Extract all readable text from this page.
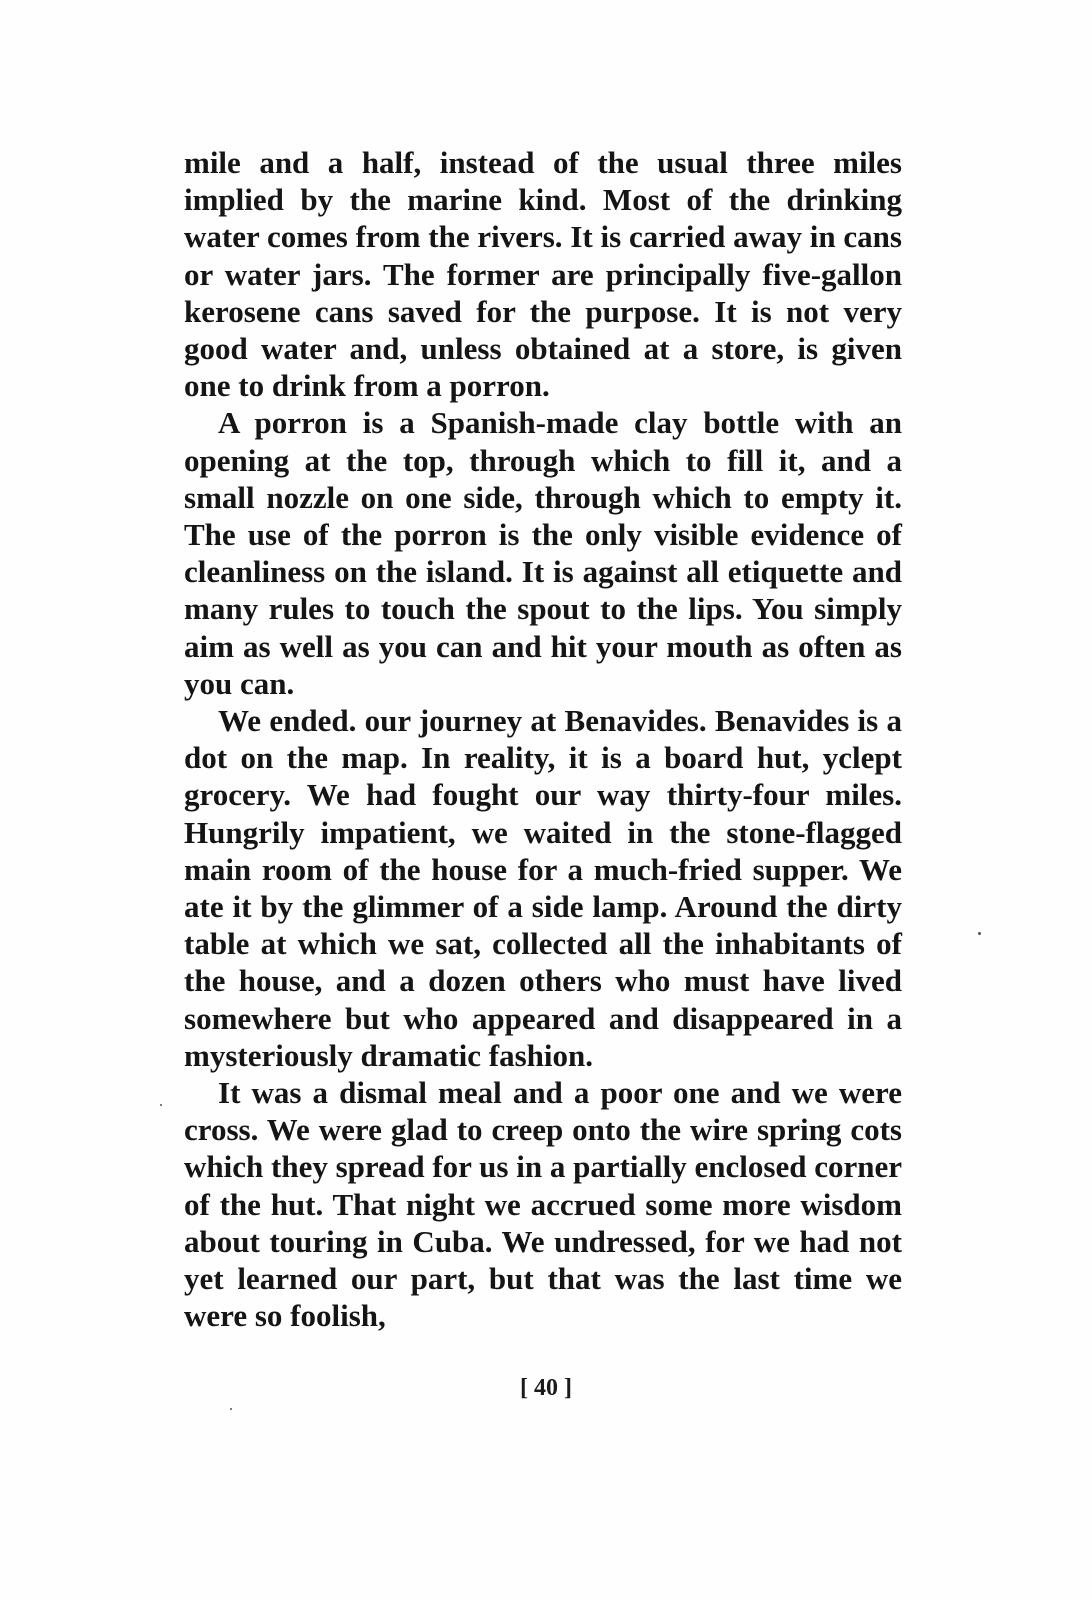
mile and a half, instead of the usual three miles implied by the marine kind. Most of the drinking water comes from the rivers. It is carried away in cans or water jars. The former are principally five-gallon kerosene cans saved for the purpose. It is not very good water and, unless obtained at a store, is given one to drink from a porron.

A porron is a Spanish-made clay bottle with an opening at the top, through which to fill it, and a small nozzle on one side, through which to empty it. The use of the porron is the only visible evidence of cleanliness on the island. It is against all etiquette and many rules to touch the spout to the lips. You simply aim as well as you can and hit your mouth as often as you can.

We ended. our journey at Benavides. Benavides is a dot on the map. In reality, it is a board hut, yclept grocery. We had fought our way thirty-four miles. Hungrily impatient, we waited in the stone-flagged main room of the house for a much-fried supper. We ate it by the glimmer of a side lamp. Around the dirty table at which we sat, collected all the inhabitants of the house, and a dozen others who must have lived somewhere but who appeared and disappeared in a mysteriously dramatic fashion.

It was a dismal meal and a poor one and we were cross. We were glad to creep onto the wire spring cots which they spread for us in a partially enclosed corner of the hut. That night we accrued some more wisdom about touring in Cuba. We undressed, for we had not yet learned our part, but that was the last time we were so foolish,

[ 40 ]
